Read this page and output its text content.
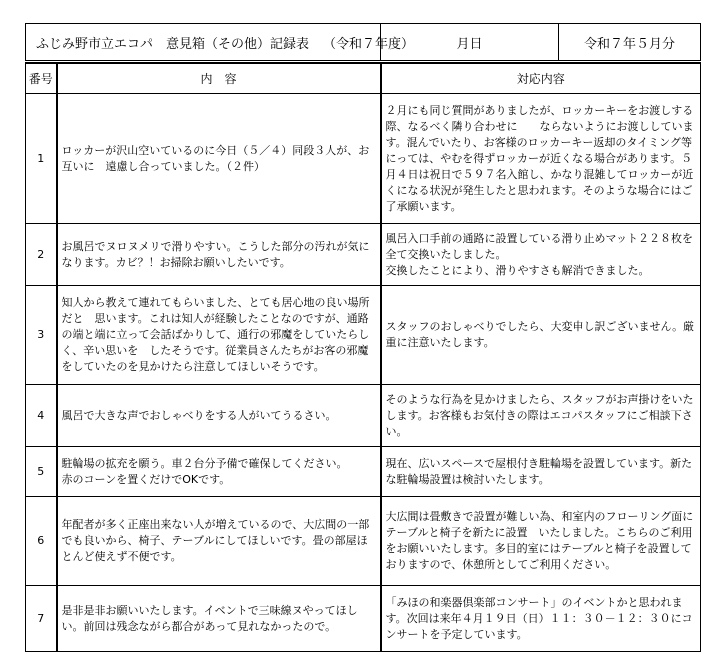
ふじみ野市立エコパ　意見箱（その他）記録表 （令和７年度）		月日	令和７年５月分

番号	内　容	対応内容	
1	ロッカーが沢山空いているのに今日（５／４）同段３人が、お互いに　遠慮し合っていました。（２件）	２月にも同じ質問がありましたが、ロッカーキーをお渡しする際、なるべく隣り合わせに　　ならないようにお渡ししています。混んでいたり、お客様のロッカーキー返却のタイミング等にっては、やむを得ずロッカーが近くなる場合があります。５月４日は祝日で５９７名入館し、かなり混雑してロッカーが近くになる状況が発生したと思われます。そのような場合にはご了承願います。	
2	お風呂でヌロヌメリで滑りやすい。こうした部分の汚れが気になります。カビ？！お掃除お願いしたいです。	風呂入口手前の通路に設置している滑り止めマット２２８枚を全て交換いたしました。
交換したことにより、滑りやすさも解消できました。	
3	知人から教えて連れてもらいました、とても居心地の良い場所だと　思います。これは知人が経験したことなのですが、通路の端と端に立って会話ばかりして、通行の邪魔をしていたらしく、辛い思いを　したそうです。従業員さんたちがお客の邪魔をしていたのを見かけたら注意してほしいそうです。	スタッフのおしゃべりでしたら、大変申し訳ございません。厳重に注意いたします。	
4	風呂で大きな声でおしゃべりをする人がいてうるさい。	そのような行為を見かけましたら、スタッフがお声掛けをいたします。お客様もお気付きの際はエコパスタッフにご相談下さい。	
5	駐輪場の拡充を願う。車２台分予備で確保してください。
赤のコーンを置くだけでOKです。	現在、広いスペースで屋根付き駐輪場を設置しています。新たな駐輪場設置は検討いたします。	
6	年配者が多く正座出来ない人が増えているので、大広間の一部でも良いから、椅子、テーブルにしてほしいです。畳の部屋ほとんど使えず不便です。	大広間は畳敷きで設置が難しい為、和室内のフローリング面にテーブルと椅子を新たに設置　いたしました。こちらのご利用をお願いいたします。多目的室にはテーブルと椅子を設置しておりますので、休憩所としてご利用ください。	
7	是非是非お願いいたします。イベントで三味線ヌやってほしい。前回は残念ながら都合があって見れなかったので。	「みほの和楽器倶楽部コンサート」のイベントかと思われます。次回は来年４月１９日（日）１１：３０－１２：３０にコンサートを予定しています。	
